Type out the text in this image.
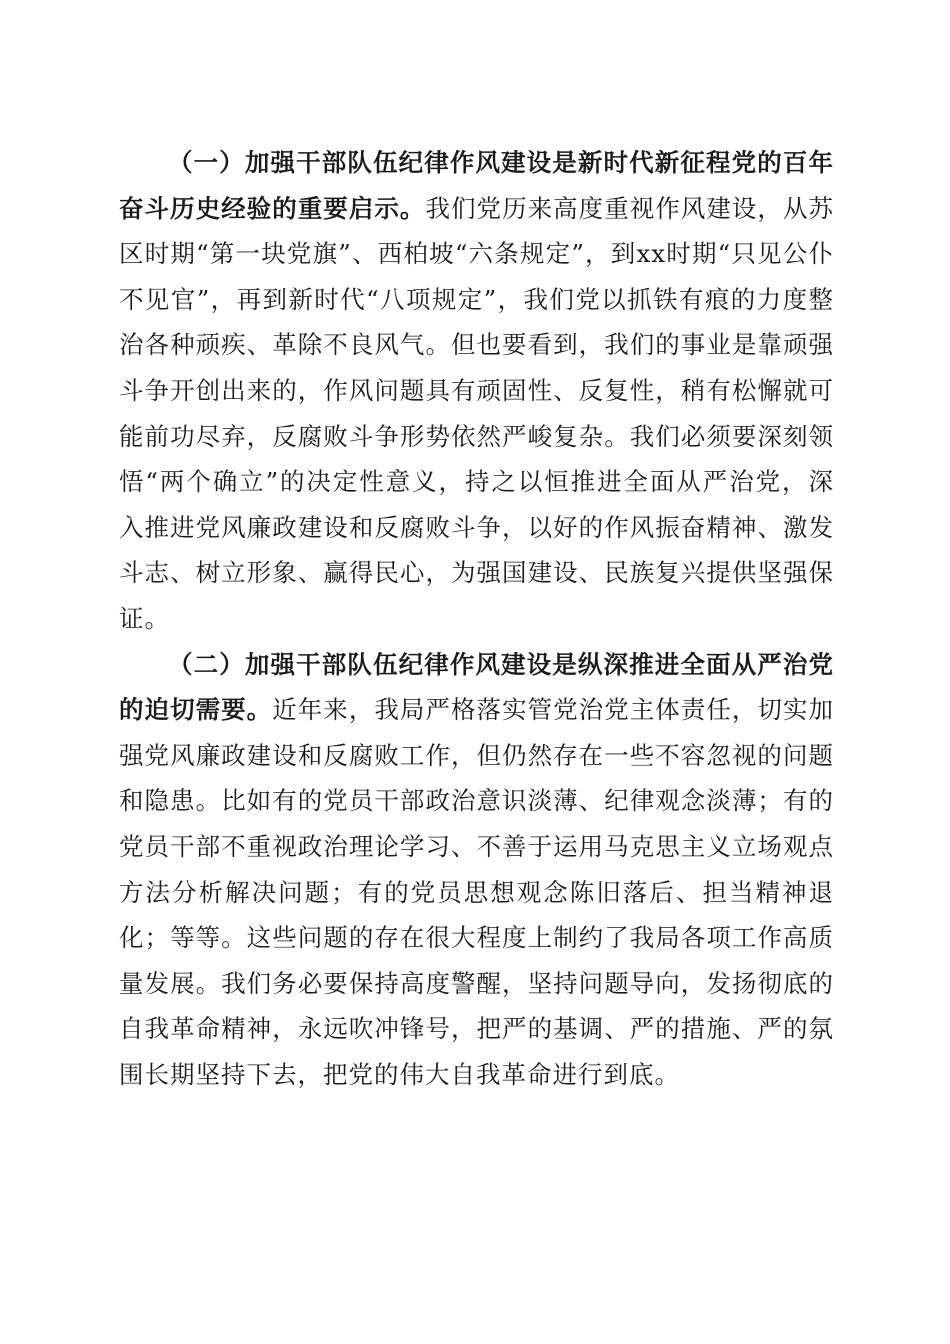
（一）加强干部队伍纪律作风建设是新时代新征程党的百年奋斗历史经验的重要启示。我们党历来高度重视作风建设，从苏区时期“第一块党旗”、西柏坡“六条规定”，到xx时期“只见公仆不见官”，再到新时代“八项规定”，我们党以抓铁有痕的力度整治各种顽疾、革除不良风气。但也要看到，我们的事业是靠顽强斗争开创出来的，作风问题具有顽固性、反复性，稍有松懈就可能前功尽弃，反腐败斗争形势依然严峻复杂。我们必须要深刻领悟“两个确立”的决定性意义，持之以恒推进全面从严治党，深入推进党风廉政建设和反腐败斗争，以好的作风振奋精神、激发斗志、树立形象、赢得民心，为强国建设、民族复兴提供坚强保证。

（二）加强干部队伍纪律作风建设是纵深推进全面从严治党的迫切需要。近年来，我局严格落实管党治党主体责任，切实加强党风廉政建设和反腐败工作，但仍然存在一些不容忽视的问题和隐患。比如有的党员干部政治意识淡薄、纪律观念淡薄；有的党员干部不重视政治理论学习、不善于运用马克思主义立场观点方法分析解决问题；有的党员思想观念陈旧落后、担当精神退化；等等。这些问题的存在很大程度上制约了我局各项工作高质量发展。我们务必要保持高度警醒，坚持问题导向，发扬彻底的自我革命精神，永远吹冲锋号，把严的基调、严的措施、严的氛围长期坚持下去，把党的伟大自我革命进行到底。
